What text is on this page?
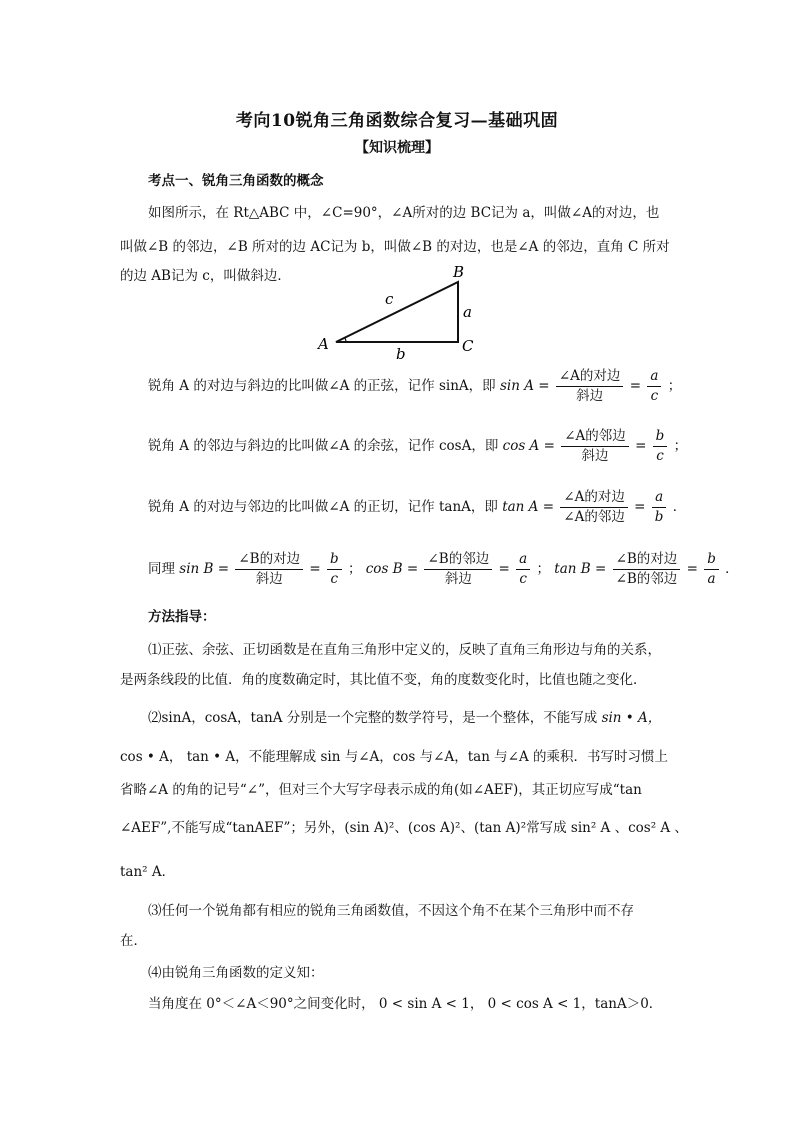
考向10锐角三角函数综合复习—基础巩固
【知识梳理】
考点一、锐角三角函数的概念
如图所示，在 Rt△ABC 中，∠C=90°，∠A所对的边 BC记为 a，叫做∠A的对边，也
叫做∠B 的邻边，∠B 所对的边 AC记为 b，叫做∠B 的对边，也是∠A 的邻边，直角 C 所对
的边 AB记为 c，叫做斜边．
A
B
C
a
b
c
锐角 A 的对边与斜边的比叫做∠A 的正弦，记作 sinA，即 $\sin A = \frac{\text{∠A的对边}}{\text{斜边}} = \frac{a}{c}$ ；
锐角 A 的邻边与斜边的比叫做∠A 的余弦，记作 cosA，即 $\cos A = \frac{\text{∠A的邻边}}{\text{斜边}} = \frac{b}{c}$ ；
锐角 A 的对边与邻边的比叫做∠A 的正切，记作 tanA，即 $\tan A = \frac{\text{∠A的对边}}{\text{∠A的邻边}} = \frac{a}{b}$ ．
同理 $\sin B = \frac{\text{∠B的对边}}{\text{斜边}} = \frac{b}{c}$ ； $\cos B = \frac{\text{∠B的邻边}}{\text{斜边}} = \frac{a}{c}$ ； $\tan B = \frac{\text{∠B的对边}}{\text{∠B的邻边}} = \frac{b}{a}$ ．
方法指导：
⑴正弦、余弦、正切函数是在直角三角形中定义的，反映了直角三角形边与角的关系，
是两条线段的比值．角的度数确定时，其比值不变，角的度数变化时，比值也随之变化．
⑵sinA，cosA，tanA 分别是一个完整的数学符号，是一个整体，不能写成 sin • A，
cos • A， tan • A，不能理解成 sin 与∠A，cos 与∠A，tan 与∠A 的乘积．书写时习惯上
省略∠A 的角的记号“∠”，但对三个大写字母表示成的角(如∠AEF)，其正切应写成“tan
∠AEF”,不能写成“tanAEF”；另外，(sin A)²、(cos A)²、(tan A)²常写成 sin² A 、cos² A 、
tan² A．
⑶任何一个锐角都有相应的锐角三角函数值，不因这个角不在某个三角形中而不存
在．
⑷由锐角三角函数的定义知：
当角度在 0°＜∠A＜90°之间变化时， 0 < sin A < 1， 0 < cos A < 1，tanA＞0．
